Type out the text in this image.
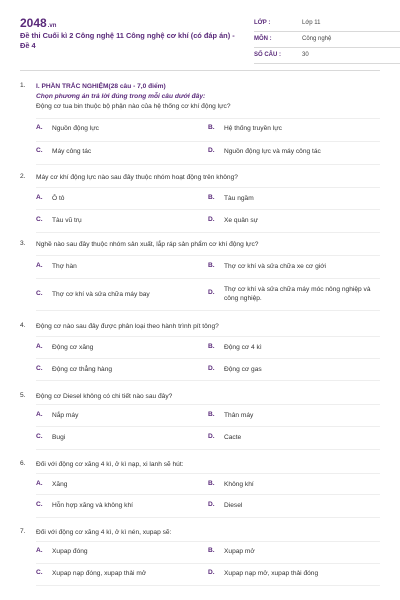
2048.vn
Đề thi Cuối kì 2 Công nghệ 11 Công nghệ cơ khí (có đáp án) - Đề 4
LỚP :	Lớp 11
MÔN :	Công nghệ
SỐ CÂU :	30
1.	I. PHẦN TRẮC NGHIỆM(28 câu - 7,0 điểm)
Chọn phương án trả lời đúng trong mỗi câu dưới đây:
Động cơ tua bin thuộc bộ phận nào của hệ thống cơ khí động lực?
A. Nguồn động lực	B. Hệ thống truyền lực
C. Máy công tác	D. Nguồn động lực và máy công tác
2.	Máy cơ khí động lực nào sau đây thuộc nhóm hoạt động trên không?
A. Ô tô	B. Tàu ngầm
C. Tàu vũ trụ	D. Xe quân sự
3.	Nghề nào sau đây thuộc nhóm sản xuất, lắp ráp sản phẩm cơ khí động lực?
A. Thợ hàn	B. Thợ cơ khí và sửa chữa xe cơ giới
C. Thợ cơ khí và sửa chữa máy bay	D. Thợ cơ khí và sửa chữa máy móc nông nghiệp và công nghiệp.
4.	Động cơ nào sau đây được phân loại theo hành trình pít tông?
A. Động cơ xăng	B. Động cơ 4 kì
C. Động cơ thẳng hàng	D. Động cơ gas
5.	Động cơ Diesel không có chi tiết nào sau đây?
A. Nắp máy	B. Thân máy
C. Bugi	D. Cacte
6.	Đối với động cơ xăng 4 kì, ở kì nạp, xi lanh sẽ hút:
A. Xăng	B. Không khí
C. Hỗn hợp xăng và không khí	D. Diesel
7.	Đối với động cơ xăng 4 kì, ở kì nén, xupap sẽ:
A. Xupap đóng	B. Xupap mở
C. Xupap nạp đóng, xupap thải mở	D. Xupap nạp mở, xupap thải đóng
